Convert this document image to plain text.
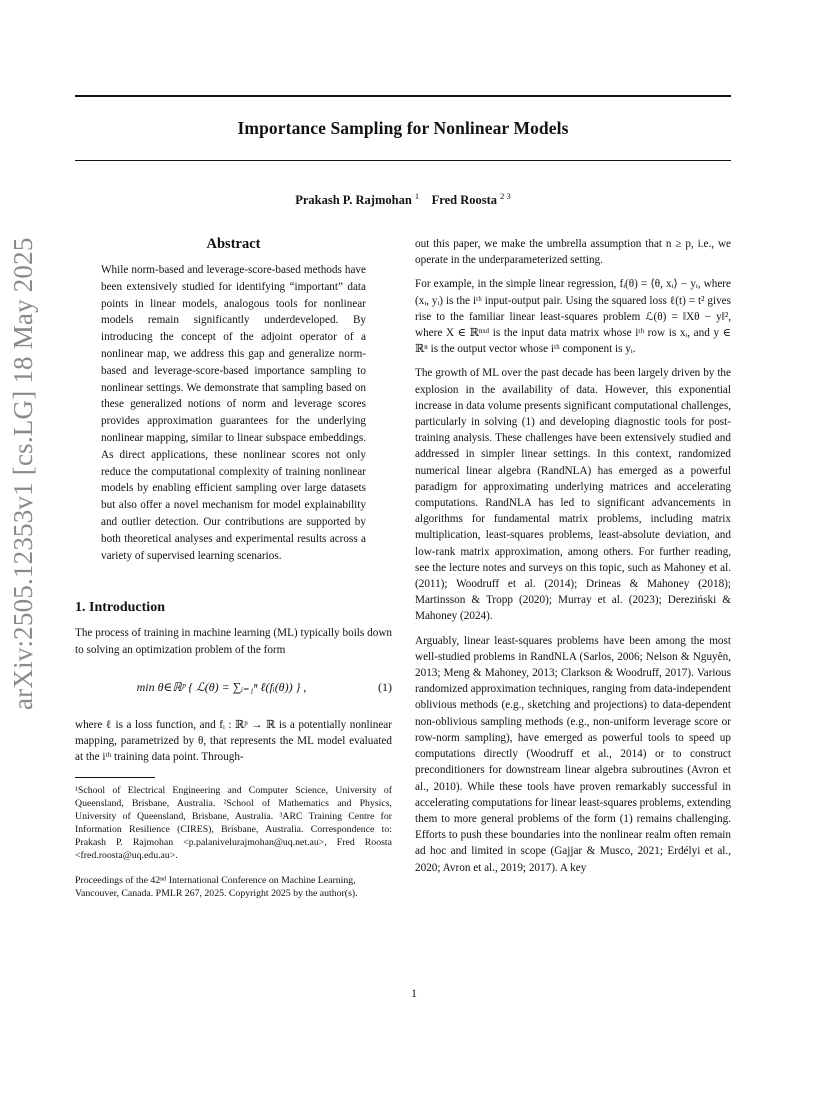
arXiv:2505.12353v1 [cs.LG] 18 May 2025
Importance Sampling for Nonlinear Models
Prakash P. Rajmohan $^1$ Fred Roosta $^{2 3}$
Abstract
While norm-based and leverage-score-based methods have been extensively studied for identifying “important” data points in linear models, analogous tools for nonlinear models remain significantly underdeveloped. By introducing the concept of the adjoint operator of a nonlinear map, we address this gap and generalize norm-based and leverage-score-based importance sampling to nonlinear settings. We demonstrate that sampling based on these generalized notions of norm and leverage scores provides approximation guarantees for the underlying nonlinear mapping, similar to linear subspace embeddings. As direct applications, these nonlinear scores not only reduce the computational complexity of training nonlinear models by enabling efficient sampling over large datasets but also offer a novel mechanism for model explainability and outlier detection. Our contributions are supported by both theoretical analyses and experimental results across a variety of supervised learning scenarios.
1. Introduction

The process of training in machine learning (ML) typically boils down to solving an optimization problem of the form

min θ∈ℝᵖ { ℒ(θ) = ∑ᵢ₌₁ⁿ ℓ(fᵢ(θ)) } ,	(1)

where ℓ is a loss function, and fᵢ : ℝᵖ → ℝ is a potentially nonlinear mapping, parametrized by θ, that represents the ML model evaluated at the iᵗʰ training data point. Through-

¹School of Electrical Engineering and Computer Science, University of Queensland, Brisbane, Australia. ²School of Mathematics and Physics, University of Queensland, Brisbane, Australia. ³ARC Training Centre for Information Resilience (CIRES), Brisbane, Australia. Correspondence to: Prakash P. Rajmohan <p.palanivelurajmohan@uq.net.au>, Fred Roosta <fred.roosta@uq.edu.au>.
Proceedings of the 42ⁿᵈ International Conference on Machine Learning, Vancouver, Canada. PMLR 267, 2025. Copyright 2025 by the author(s).

out this paper, we make the umbrella assumption that n ≥ p, i.e., we operate in the underparameterized setting.

For example, in the simple linear regression, fᵢ(θ) = ⟨θ, xᵢ⟩ − yᵢ, where (xᵢ, yᵢ) is the iᵗʰ input-output pair. Using the squared loss ℓ(t) = t² gives rise to the familiar linear least-squares problem ℒ(θ) = ‖Xθ − y‖², where X ∈ ℝⁿˣᵈ is the input data matrix whose iᵗʰ row is xᵢ, and y ∈ ℝⁿ is the output vector whose iᵗʰ component is yᵢ.

The growth of ML over the past decade has been largely driven by the explosion in the availability of data. However, this exponential increase in data volume presents significant computational challenges, particularly in solving (1) and developing diagnostic tools for post-training analysis. These challenges have been extensively studied and addressed in simpler linear settings. In this context, randomized numerical linear algebra (RandNLA) has emerged as a powerful paradigm for approximating underlying matrices and accelerating computations. RandNLA has led to significant advancements in algorithms for fundamental matrix problems, including matrix multiplication, least-squares problems, least-absolute deviation, and low-rank matrix approximation, among others. For further reading, see the lecture notes and surveys on this topic, such as Mahoney et al. (2011); Woodruff et al. (2014); Drineas & Mahoney (2018); Martinsson & Tropp (2020); Murray et al. (2023); Dereziński & Mahoney (2024).

Arguably, linear least-squares problems have been among the most well-studied problems in RandNLA (Sarlos, 2006; Nelson & Nguyên, 2013; Meng & Mahoney, 2013; Clarkson & Woodruff, 2017). Various randomized approximation techniques, ranging from data-independent oblivious methods (e.g., sketching and projections) to data-dependent non-oblivious sampling methods (e.g., non-uniform leverage score or row-norm sampling), have emerged as powerful tools to speed up computations directly (Woodruff et al., 2014) or to construct preconditioners for downstream linear algebra subroutines (Avron et al., 2010). While these tools have proven remarkably successful in accelerating computations for linear least-squares problems, extending them to more general problems of the form (1) remains challenging. Efforts to push these boundaries into the nonlinear realm often remain ad hoc and limited in scope (Gajjar & Musco, 2021; Erdélyi et al., 2020; Avron et al., 2019; 2017). A key

1
